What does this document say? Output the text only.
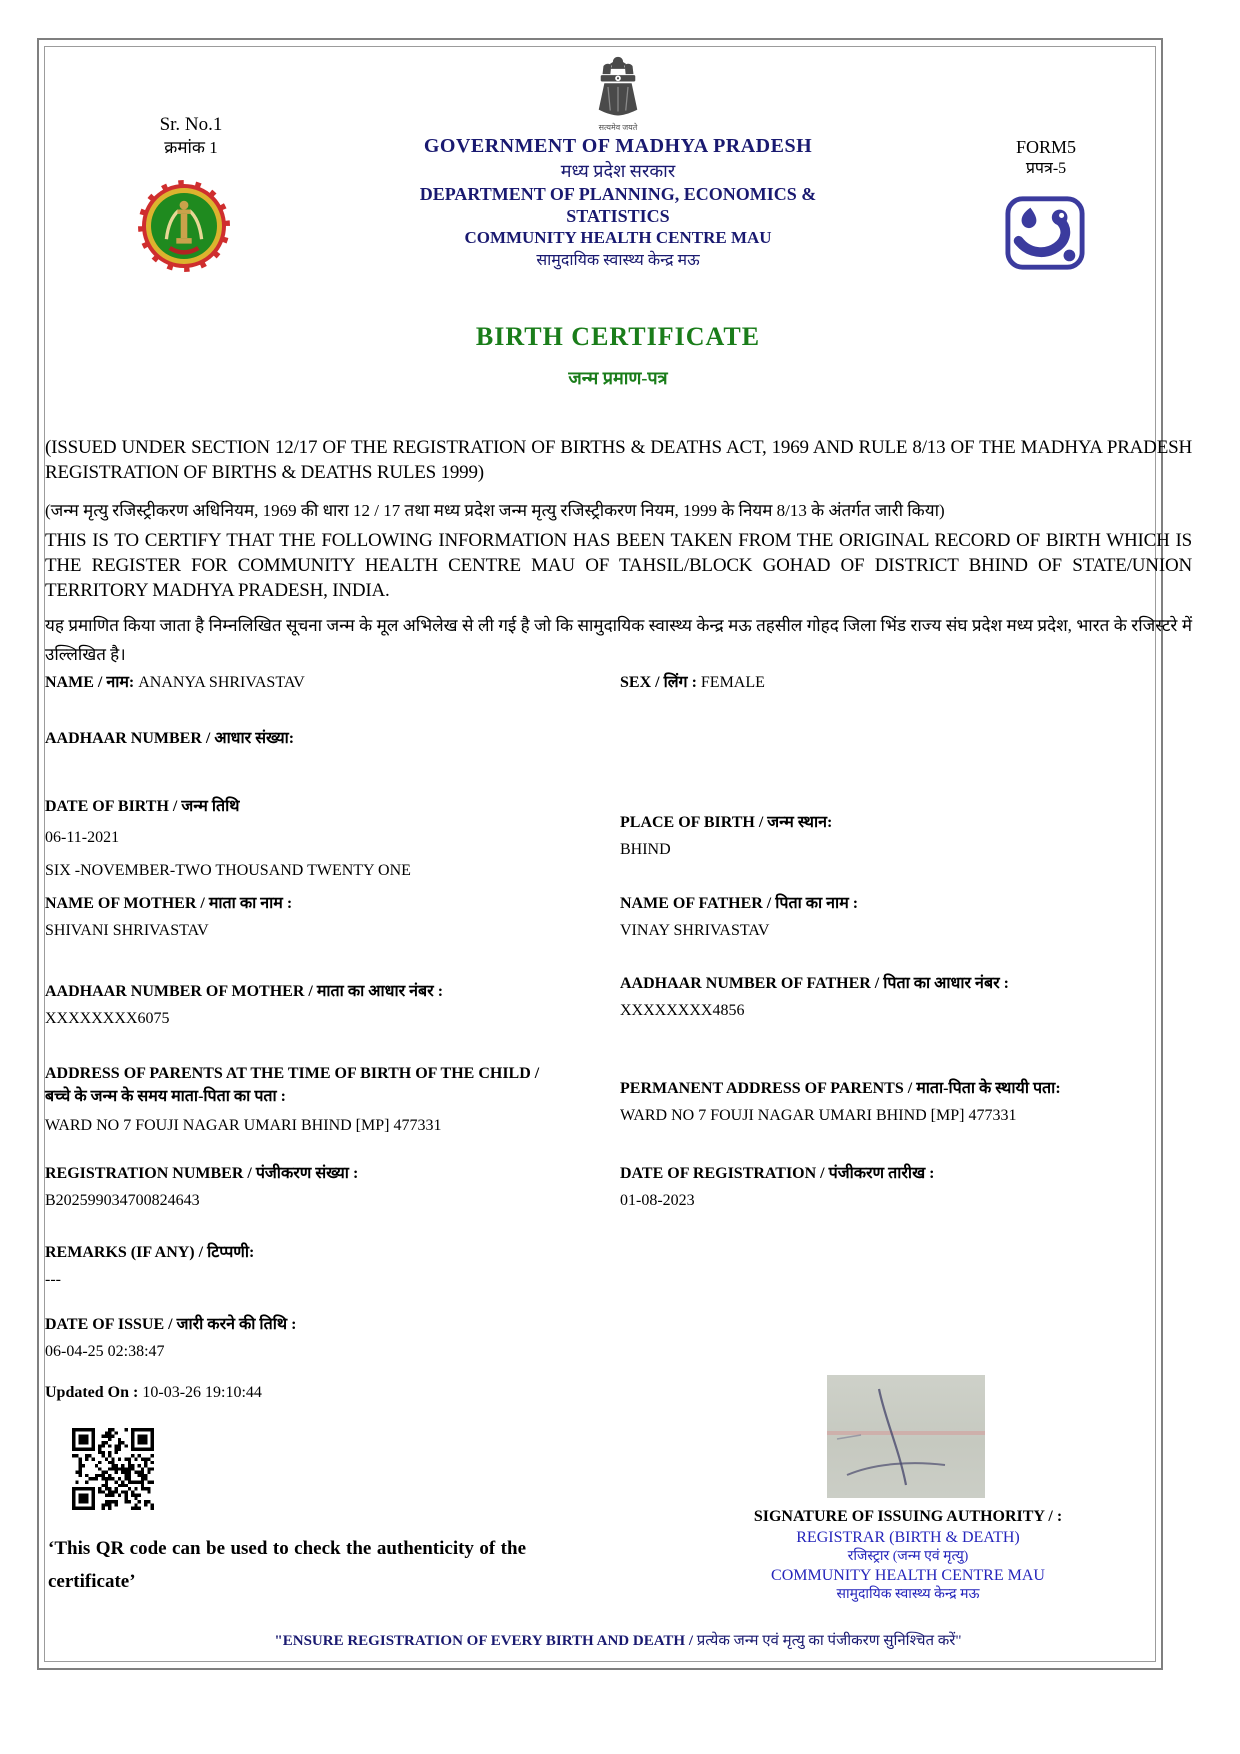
Sr. No.1
क्रमांक 1
सत्यमेव जयते
GOVERNMENT OF MADHYA PRADESH
मध्य प्रदेश सरकार
DEPARTMENT OF PLANNING, ECONOMICS & STATISTICS
COMMUNITY HEALTH CENTRE MAU
सामुदायिक स्वास्थ्य केन्द्र मऊ
FORM5
प्रपत्र-5
BIRTH CERTIFICATE
जन्म प्रमाण-पत्र

(ISSUED UNDER SECTION 12/17 OF THE REGISTRATION OF BIRTHS & DEATHS ACT, 1969 AND RULE 8/13 OF THE MADHYA PRADESH REGISTRATION OF BIRTHS & DEATHS RULES 1999)

(जन्म मृत्यु रजिस्ट्रीकरण अधिनियम, 1969 की धारा 12 / 17 तथा मध्य प्रदेश जन्म मृत्यु रजिस्ट्रीकरण नियम, 1999 के नियम 8/13 के अंतर्गत जारी किया)

THIS IS TO CERTIFY THAT THE FOLLOWING INFORMATION HAS BEEN TAKEN FROM THE ORIGINAL RECORD OF BIRTH WHICH IS THE REGISTER FOR COMMUNITY HEALTH CENTRE MAU OF TAHSIL/BLOCK GOHAD OF DISTRICT BHIND OF STATE/UNION TERRITORY MADHYA PRADESH, INDIA.

यह प्रमाणित किया जाता है निम्नलिखित सूचना जन्म के मूल अभिलेख से ली गई है जो कि सामुदायिक स्वास्थ्य केन्द्र मऊ तहसील गोहद जिला भिंड राज्य संघ प्रदेश मध्य प्रदेश, भारत के रजिस्टरे में उल्लिखित है।

NAME / नाम: ANANYA SHRIVASTAV	SEX / लिंग : FEMALE
AADHAAR NUMBER / आधार संख्या:
DATE OF BIRTH / जन्म तिथि
06-11-2021
SIX -NOVEMBER-TWO THOUSAND TWENTY ONE
PLACE OF BIRTH / जन्म स्थान:
BHIND
NAME OF MOTHER / माता का नाम :
SHIVANI SHRIVASTAV
NAME OF FATHER / पिता का नाम :
VINAY SHRIVASTAV
AADHAAR NUMBER OF MOTHER / माता का आधार नंबर :
XXXXXXXX6075
AADHAAR NUMBER OF FATHER / पिता का आधार नंबर :
XXXXXXXX4856
ADDRESS OF PARENTS AT THE TIME OF BIRTH OF THE CHILD / बच्चे के जन्म के समय माता-पिता का पता :
WARD NO 7 FOUJI NAGAR UMARI BHIND [MP] 477331
PERMANENT ADDRESS OF PARENTS / माता-पिता के स्थायी पता:
WARD NO 7 FOUJI NAGAR UMARI BHIND [MP] 477331
REGISTRATION NUMBER / पंजीकरण संख्या :
B202599034700824643
DATE OF REGISTRATION / पंजीकरण तारीख :
01-08-2023
REMARKS (IF ANY) / टिप्पणी:
---
DATE OF ISSUE / जारी करने की तिथि :
06-04-25 02:38:47
Updated On : 10-03-26 19:10:44
‘This QR code can be used to check the authenticity of the certificate’
SIGNATURE OF ISSUING AUTHORITY / :
REGISTRAR (BIRTH & DEATH)
रजिस्ट्रार (जन्म एवं मृत्यु)
COMMUNITY HEALTH CENTRE MAU
सामुदायिक स्वास्थ्य केन्द्र मऊ
"ENSURE REGISTRATION OF EVERY BIRTH AND DEATH / प्रत्येक जन्म एवं मृत्यु का पंजीकरण सुनिश्चित करें"
